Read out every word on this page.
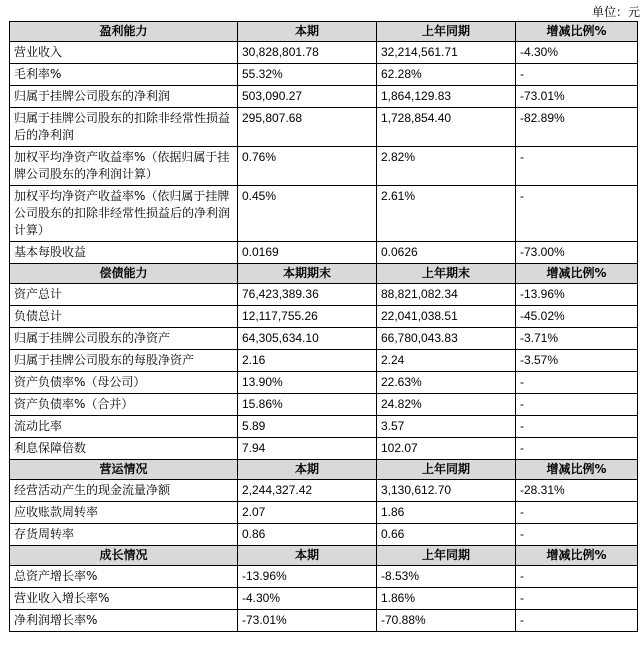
单位：元
盈利能力	本期	上年同期	增减比例%
营业收入	30,828,801.78	32,214,561.71	-4.30%
毛利率%	55.32%	62.28%	-
归属于挂牌公司股东的净利润	503,090.27	1,864,129.83	-73.01%
归属于挂牌公司股东的扣除非经常性损益后的净利润	295,807.68	1,728,854.40	-82.89%
加权平均净资产收益率%（依据归属于挂牌公司股东的净利润计算）	0.76%	2.82%	-
加权平均净资产收益率%（依归属于挂牌公司股东的扣除非经常性损益后的净利润计算）	0.45%	2.61%	-
基本每股收益	0.0169	0.0626	-73.00%
偿债能力	本期期末	上年期末	增减比例%
资产总计	76,423,389.36	88,821,082.34	-13.96%
负债总计	12,117,755.26	22,041,038.51	-45.02%
归属于挂牌公司股东的净资产	64,305,634.10	66,780,043.83	-3.71%
归属于挂牌公司股东的每股净资产	2.16	2.24	-3.57%
资产负债率%（母公司）	13.90%	22.63%	-
资产负债率%（合并）	15.86%	24.82%	-
流动比率	5.89	3.57	-
利息保障倍数	7.94	102.07	-
营运情况	本期	上年同期	增减比例%
经营活动产生的现金流量净额	2,244,327.42	3,130,612.70	-28.31%
应收账款周转率	2.07	1.86	-
存货周转率	0.86	0.66	-
成长情况	本期	上年同期	增减比例%
总资产增长率%	-13.96%	-8.53%	-
营业收入增长率%	-4.30%	1.86%	-
净利润增长率%	-73.01%	-70.88%	-
